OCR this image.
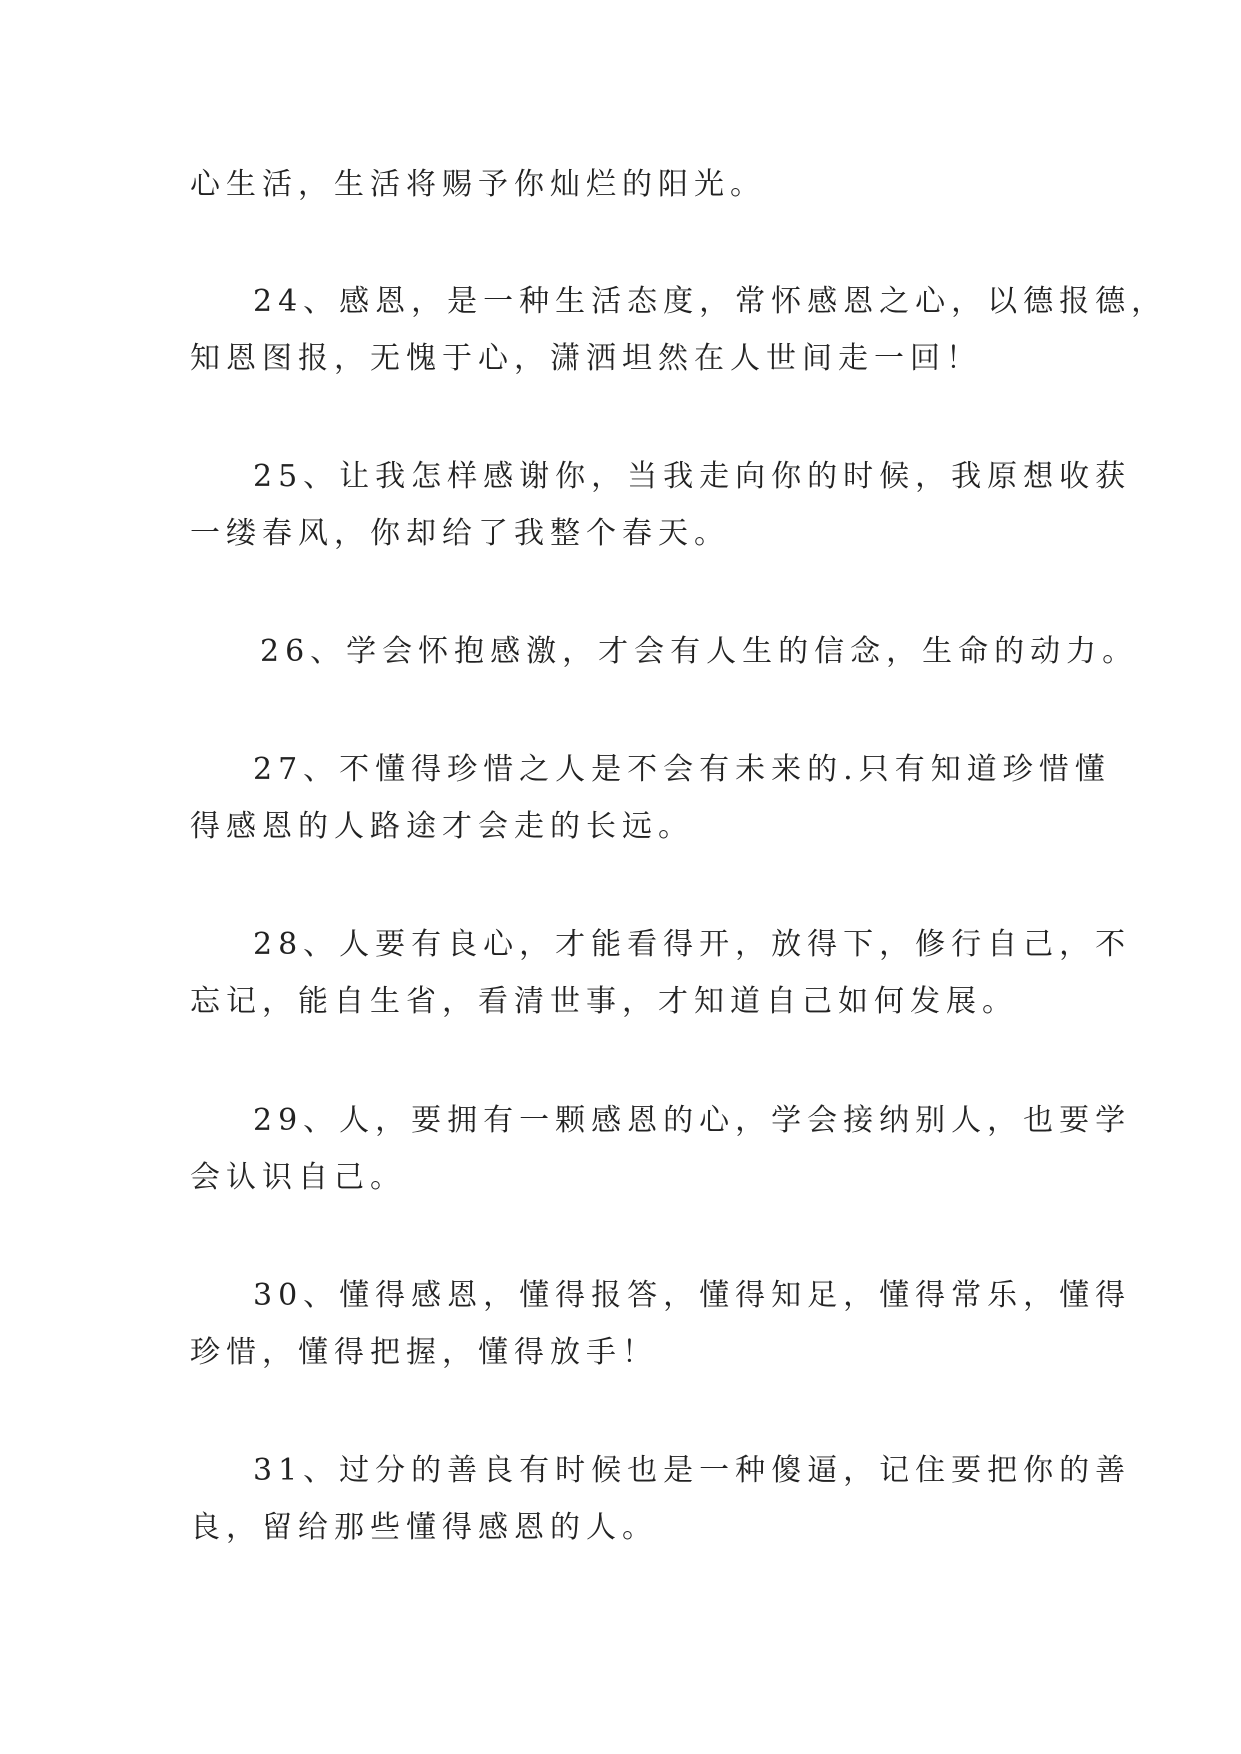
心生活，生活将赐予你灿烂的阳光。
24、感恩，是一种生活态度，常怀感恩之心，以德报德，
知恩图报，无愧于心，潇洒坦然在人世间走一回！
25、让我怎样感谢你，当我走向你的时候，我原想收获
一缕春风，你却给了我整个春天。
26、学会怀抱感激，才会有人生的信念，生命的动力。
27、不懂得珍惜之人是不会有未来的.只有知道珍惜懂
得感恩的人路途才会走的长远。
28、人要有良心，才能看得开，放得下，修行自己，不
忘记，能自生省，看清世事，才知道自己如何发展。
29、人，要拥有一颗感恩的心，学会接纳别人，也要学
会认识自己。
30、懂得感恩，懂得报答，懂得知足，懂得常乐，懂得
珍惜，懂得把握，懂得放手！
31、过分的善良有时候也是一种傻逼，记住要把你的善
良，留给那些懂得感恩的人。
